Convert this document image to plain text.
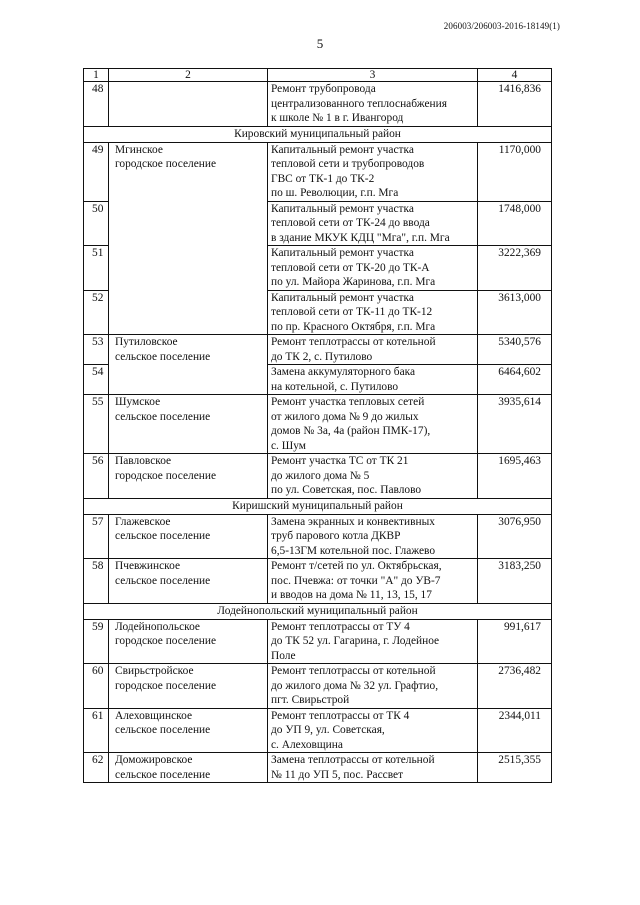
206003/206003-2016-18149(1)
5
1	2	3	4
48		Ремонт трубопровода
централизованного теплоснабжения
к школе № 1 в г. Ивангород	1416,836
Кировский муниципальный район			
49	Мгинское
городское поселение	Капитальный ремонт участка
тепловой сети и трубопроводов
ГВС от ТК-1 до ТК-2
по ш. Революции, г.п. Мга	1170,000
50		Капитальный ремонт участка
тепловой сети от ТК-24 до ввода
в здание МКУК КДЦ "Мга", г.п. Мга	1748,000
51		Капитальный ремонт участка
тепловой сети от ТК-20 до ТК-А
по ул. Майора Жаринова, г.п. Мга	3222,369
52		Капитальный ремонт участка
тепловой сети от ТК-11 до ТК-12
по пр. Красного Октября, г.п. Мга	3613,000
53	Путиловское
сельское поселение	Ремонт теплотрассы от котельной
до ТК 2, с. Путилово	5340,576
54		Замена аккумуляторного бака
на котельной, с. Путилово	6464,602
55	Шумское
сельское поселение	Ремонт участка тепловых сетей
от жилого дома № 9 до жилых
домов № 3а, 4а (район ПМК-17),
с. Шум	3935,614
56	Павловское
городское поселение	Ремонт участка ТС от ТК 21
до жилого дома № 5
по ул. Советская, пос. Павлово	1695,463
Киришский муниципальный район			
57	Глажевское
сельское поселение	Замена экранных и конвективных
труб парового котла ДКВР
6,5-13ГМ котельной пос. Глажево	3076,950
58	Пчевжинское
сельское поселение	Ремонт т/сетей по ул. Октябрьская,
пос. Пчевжа: от точки "А" до УВ-7
и вводов на дома № 11, 13, 15, 17	3183,250
Лодейнопольский муниципальный район			
59	Лодейнопольское
городское поселение	Ремонт теплотрассы от ТУ 4
до ТК 52 ул. Гагарина, г. Лодейное
Поле	991,617
60	Свирьстройское
городское поселение	Ремонт теплотрассы от котельной
до жилого дома № 32 ул. Графтио,
пгт. Свирьстрой	2736,482
61	Алеховщинское
сельское поселение	Ремонт теплотрассы от ТК 4
до УП 9, ул. Советская,
с. Алеховщина	2344,011
62	Доможировское
сельское поселение	Замена теплотрассы от котельной
№ 11 до УП 5, пос. Рассвет	2515,355
